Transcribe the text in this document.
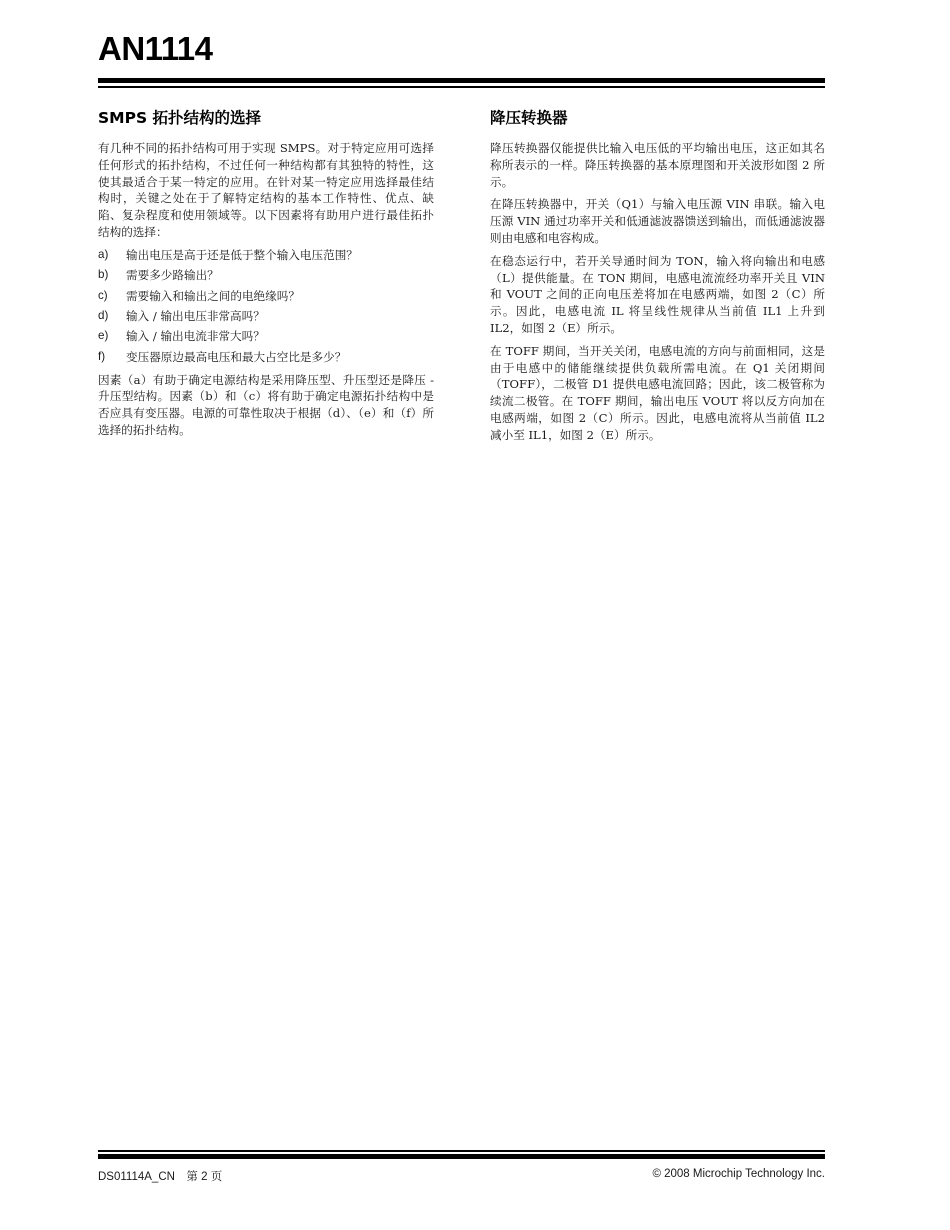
AN1114
SMPS 拓扑结构的选择

有几种不同的拓扑结构可用于实现 SMPS。对于特定应用可选择任何形式的拓扑结构，不过任何一种结构都有其独特的特性，这使其最适合于某一特定的应用。在针对某一特定应用选择最佳结构时，关键之处在于了解特定结构的基本工作特性、优点、缺陷、复杂程度和使用领域等。以下因素将有助用户进行最佳拓扑结构的选择：

a)	输出电压是高于还是低于整个输入电压范围？
b)	需要多少路输出？
c)	需要输入和输出之间的电绝缘吗？
d)	输入 / 输出电压非常高吗？
e)	输入 / 输出电流非常大吗？
f)	变压器原边最高电压和最大占空比是多少？

因素（a）有助于确定电源结构是采用降压型、升压型还是降压 - 升压型结构。因素（b）和（c）将有助于确定电源拓扑结构中是否应具有变压器。电源的可靠性取决于根据（d）、（e）和（f）所选择的拓扑结构。

降压转换器

降压转换器仅能提供比输入电压低的平均输出电压，这正如其名称所表示的一样。降压转换器的基本原理图和开关波形如图 2 所示。

在降压转换器中，开关（Q1）与输入电压源 VIN 串联。输入电压源 VIN 通过功率开关和低通滤波器馈送到输出，而低通滤波器则由电感和电容构成。

在稳态运行中，若开关导通时间为 TON，输入将向输出和电感（L）提供能量。在 TON 期间，电感电流流经功率开关且 VIN 和 VOUT 之间的正向电压差将加在电感两端，如图 2（C）所示。因此，电感电流 IL 将呈线性规律从当前值 IL1 上升到 IL2，如图 2（E）所示。

在 TOFF 期间，当开关关闭，电感电流的方向与前面相同，这是由于电感中的储能继续提供负载所需电流。在 Q1 关闭期间（TOFF），二极管 D1 提供电感电流回路；因此，该二极管称为续流二极管。在 TOFF 期间，输出电压 VOUT 将以反方向加在电感两端，如图 2（C）所示。因此，电感电流将从当前值 IL2 减小至 IL1，如图 2（E）所示。

DS01114A_CN　第 2 页	© 2008 Microchip Technology Inc.
